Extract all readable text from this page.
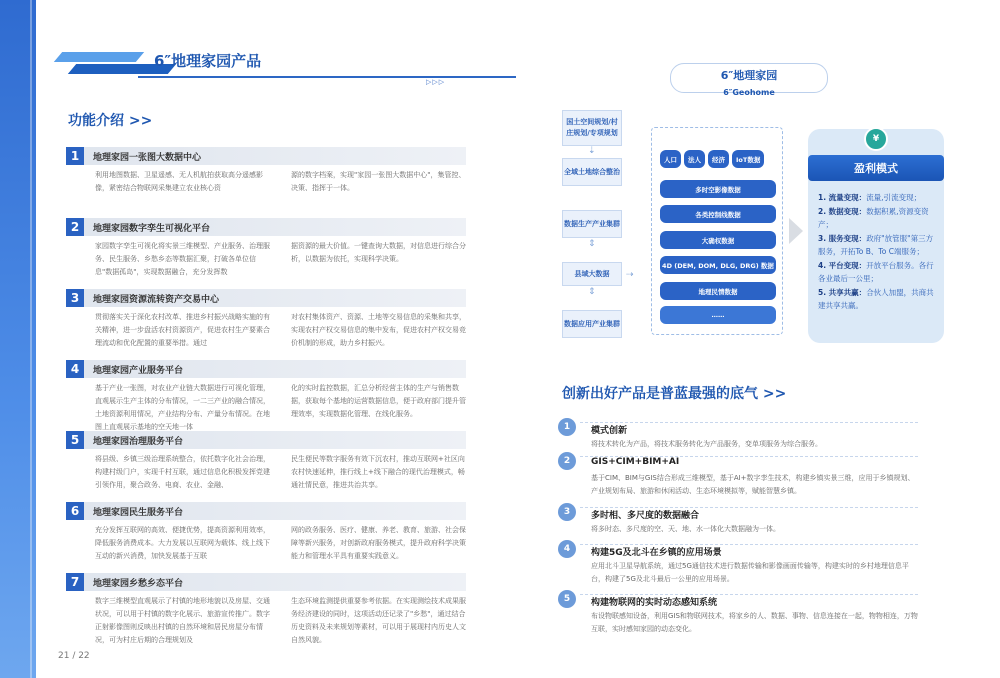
6″地理家园产品
▷▷▷
功能介绍 >>
1	地理家园一张图大数据中心

利用地图数据、卫星遥感、无人机航拍获取高分遥感影像，紧密结合物联网采集建立农业核心资

源的数字档案，实现"家园一张图大数据中心"，集管控、决策、指挥于一体。

2	地理家园数字孪生可视化平台

家园数字孪生可视化将实景三维模型、产业服务、治理服务、民生服务、乡愁乡态等数据汇聚，打破各单位信息"数据孤岛"，实现数据融合，充分发挥数

据资源的最大价值。一键查询大数据，对信息进行综合分析，以数据为依托，实现科学决策。

3	地理家园资源流转资产交易中心

贯彻落实关于深化农村改革、推进乡村振兴战略实施的有关精神，进一步盘活农村资源资产，促进农村生产要素合理流动和优化配置的重要举措。通过

对农村集体资产、资源、土地等交易信息的采集和共享，实现农村产权交易信息的集中发布，促进农村产权交易竞价机制的形成，助力乡村振兴。

4	地理家园产业服务平台

基于产业一张图，对农业产业链大数据进行可视化管理，直观展示生产主体的分布情况，一二三产业的融合情况，土地资源利用情况，产业结构分布、产量分布情况。在地图上直观展示基地的空天地一体

化的实时监控数据，汇总分析经营主体的生产与销售数据，获取每个基地的运营数据信息，便于政府部门提升管理效率，实现数据化管理、在线化服务。

5	地理家园治理服务平台

将县级、乡镇三级治理系统整合，依托数字化社会治理，构建村级门户，实现千村互联，通过信息化积极发挥党建引领作用，聚合政务、电商、农业、金融、

民生便民等数字服务有效下沉农村，推动互联网+社区向农村快速延伸，推行线上+线下融合的现代治理模式，畅通社情民意，推进共治共享。

6	地理家园民生服务平台

充分发挥互联网的高效、便捷优势，提高资源利用效率，降低服务消费成本。大力发展以互联网为载体、线上线下互动的新兴消费，加快发展基于互联

网的政务服务、医疗、健康、养老、教育、旅游、社会保障等新兴服务，对创新政府服务模式，提升政府科学决策能力和管理水平具有重要实践意义。

7	地理家园乡愁乡态平台

数字三维模型直观展示了村镇的地形地貌以及房屋、交通状况，可以用于村镇的数字化展示、旅游宣传推广。数字正射影像图则反映出村镇的自然环境和居民房屋分布情况，可为村庄后期的合理规划及

生态环境监测提供重要参考依据。在实现测绘技术成果服务经济建设的同时，这项活动还记录了"乡愁"，通过结合历史资料及未来规划等素材，可以用于展现村内历史人文自然风貌。

21 / 22
6″地理家园
6″Geohome
国土空间规划/村庄规划/专项规划
⇣
全域土地综合整治
数据生产产业集群
⇕
县域大数据
⇕
数据应用产业集群
⇢
人口	法人	经济	IoT数据
多时空影像数据
各类控制线数据
大确权数据
4D (DEM, DOM, DLG, DRG) 数据
地理民情数据
……
¥
盈利模式
1. 流量变现：流量,引流变现；
2. 数据变现：数据积累,资源变资产；
3. 服务变现：政府"放管服"第三方服务，开拓To B、To C端服务；
4. 平台变现：开放平台服务。各行各业最后一公里；
5. 共享共赢：合伙人加盟，共商共建共享共赢。
创新出好产品是普蓝最强的底气 >>
1	模式创新
将技术转化为产品，将技术服务转化为产品服务，变单项服务为综合服务。
2	GIS+CIM+BIM+AI
基于CIM、BIM与GIS结合形成三维模型，基于AI+数字孪生技术，构建乡镇实景三维，应用于乡镇规划、产业规划布局、旅游和休闲活动、生态环境模拟等，赋能智慧乡镇。
3	多时相、多尺度的数据融合
将多时态、多尺度的空、天、地、水一体化大数据融为一体。
4	构建5G及北斗在乡镇的应用场景
应用北斗卫星导航系统，通过5G通信技术进行数据传输和影像画面传输等，构建实时的乡村地理信息平台，构建了5G及北斗最后一公里的应用场景。
5	构建物联网的实时动态感知系统
布设物联感知设备，利用GIS和物联网技术，将家乡的人、数据、事物、信息连接在一起，物物相连，万物互联，实时感知家园的动态变化。
